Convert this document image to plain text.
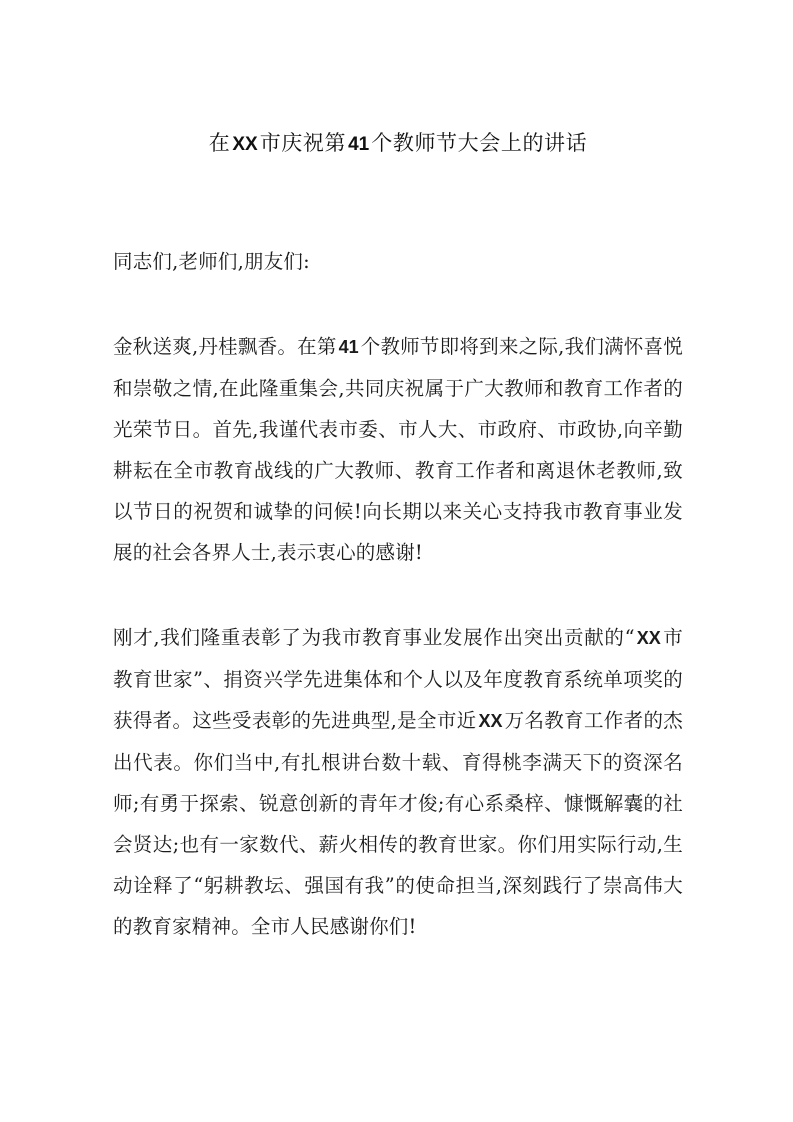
在 XX市庆祝第 41个教师节大会上的讲话

同志们,老师们,朋友们:

金秋送爽,丹桂飘香。在第 41 个教师节即将到来之际,我们满怀喜悦和崇敬之情,在此隆重集会,共同庆祝属于广大教师和教育工作者的光荣节日。首先,我谨代表市委、市人大、市政府、市政协,向辛勤耕耘在全市教育战线的广大教师、教育工作者和离退休老教师,致以节日的祝贺和诚挚的问候!向长期以来关心支持我市教育事业发展的社会各界人士,表示衷心的感谢!

刚才,我们隆重表彰了为我市教育事业发展作出突出贡献的“ XX 市教育世家”、捐资兴学先进集体和个人以及年度教育系统单项奖的获得者。这些受表彰的先进典型,是全市近 XX 万名教育工作者的杰出代表。你们当中,有扎根讲台数十载、育得桃李满天下的资深名师;有勇于探索、锐意创新的青年才俊;有心系桑梓、慷慨解囊的社会贤达;也有一家数代、薪火相传的教育世家。你们用实际行动,生动诠释了“躬耕教坛、强国有我”的使命担当,深刻践行了崇高伟大的教育家精神。全市人民感谢你们!
